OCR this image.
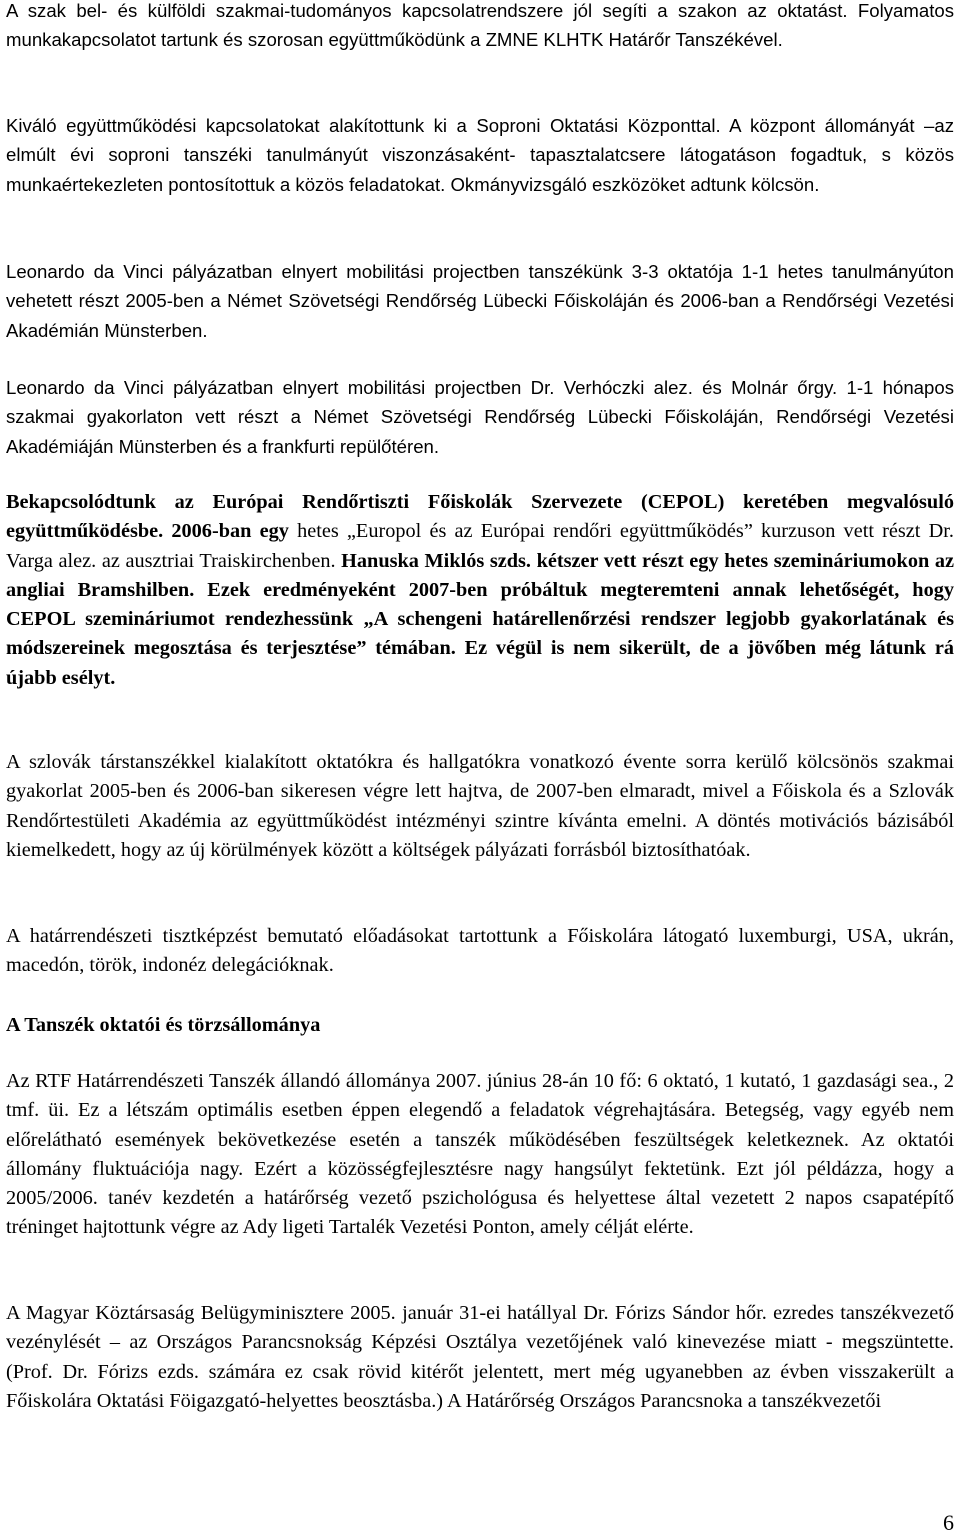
A szak bel- és külföldi szakmai-tudományos kapcsolatrendszere jól segíti a szakon az oktatást. Folyamatos munkakapcsolatot tartunk és szorosan együttműködünk a ZMNE KLHTK Határőr Tanszékével.

Kiváló együttműködési kapcsolatokat alakítottunk ki a Soproni Oktatási Központtal. A központ állományát –az elmúlt évi soproni tanszéki tanulmányút viszonzásaként- tapasztalatcsere látogatáson fogadtuk, s közös munkaértekezleten pontosítottuk a közös feladatokat. Okmányvizsgáló eszközöket adtunk kölcsön.

Leonardo da Vinci pályázatban elnyert mobilitási projectben tanszékünk 3-3 oktatója 1-1 hetes tanulmányúton vehetett részt 2005-ben a Német Szövetségi Rendőrség Lübecki Főiskoláján és 2006-ban a Rendőrségi Vezetési Akadémián Münsterben.

Leonardo da Vinci pályázatban elnyert mobilitási projectben Dr. Verhóczki alez. és Molnár őrgy. 1-1 hónapos szakmai gyakorlaton vett részt a Német Szövetségi Rendőrség Lübecki Főiskoláján, Rendőrségi Vezetési Akadémiáján Münsterben és a frankfurti repülőtéren.

Bekapcsolódtunk az Európai Rendőrtiszti Főiskolák Szervezete (CEPOL) keretében megvalósuló együttműködésbe. 2006-ban egy hetes „Europol és az Európai rendőri együttműködés” kurzuson vett részt Dr. Varga alez. az ausztriai Traiskirchenben. Hanuska Miklós szds. kétszer vett részt egy hetes szemináriumokon az angliai Bramshilben. Ezek eredményeként 2007-ben próbáltuk megteremteni annak lehetőségét, hogy CEPOL szemináriumot rendezhessünk „A schengeni határellenőrzési rendszer legjobb gyakorlatának és módszereinek megosztása és terjesztése” témában. Ez végül is nem sikerült, de a jövőben még látunk rá újabb esélyt.

A szlovák társtanszékkel kialakított oktatókra és hallgatókra vonatkozó évente sorra kerülő kölcsönös szakmai gyakorlat 2005-ben és 2006-ban sikeresen végre lett hajtva, de 2007-ben elmaradt, mivel a Főiskola és a Szlovák Rendőrtestületi Akadémia az együttműködést intézményi szintre kívánta emelni. A döntés motivációs bázisából kiemelkedett, hogy az új körülmények között a költségek pályázati forrásból biztosíthatóak.

A határrendészeti tisztképzést bemutató előadásokat tartottunk a Főiskolára látogató luxemburgi, USA, ukrán, macedón, török, indonéz delegációknak.

A Tanszék oktatói és törzsállománya

Az RTF Határrendészeti Tanszék állandó állománya 2007. június 28-án 10 fő: 6 oktató, 1 kutató, 1 gazdasági sea., 2 tmf. üi. Ez a létszám optimális esetben éppen elegendő a feladatok végrehajtására. Betegség, vagy egyéb nem előrelátható események bekövetkezése esetén a tanszék működésében feszültségek keletkeznek. Az oktatói állomány fluktuációja nagy. Ezért a közösségfejlesztésre nagy hangsúlyt fektetünk. Ezt jól példázza, hogy a 2005/2006. tanév kezdetén a határőrség vezető pszichológusa és helyettese által vezetett 2 napos csapatépítő tréninget hajtottunk végre az Ady ligeti Tartalék Vezetési Ponton, amely célját elérte.

A Magyar Köztársaság Belügyminisztere 2005. január 31-ei hatállyal Dr. Fórizs Sándor hőr. ezredes tanszékvezető vezénylését – az Országos Parancsnokság Képzési Osztálya vezetőjének való kinevezése miatt - megszüntette. (Prof. Dr. Fórizs ezds. számára ez csak rövid kitérőt jelentett, mert még ugyanebben az évben visszakerült a Főiskolára Oktatási Föigazgató-helyettes beosztásba.) A Határőrség Országos Parancsnoka a tanszékvezetői

6
